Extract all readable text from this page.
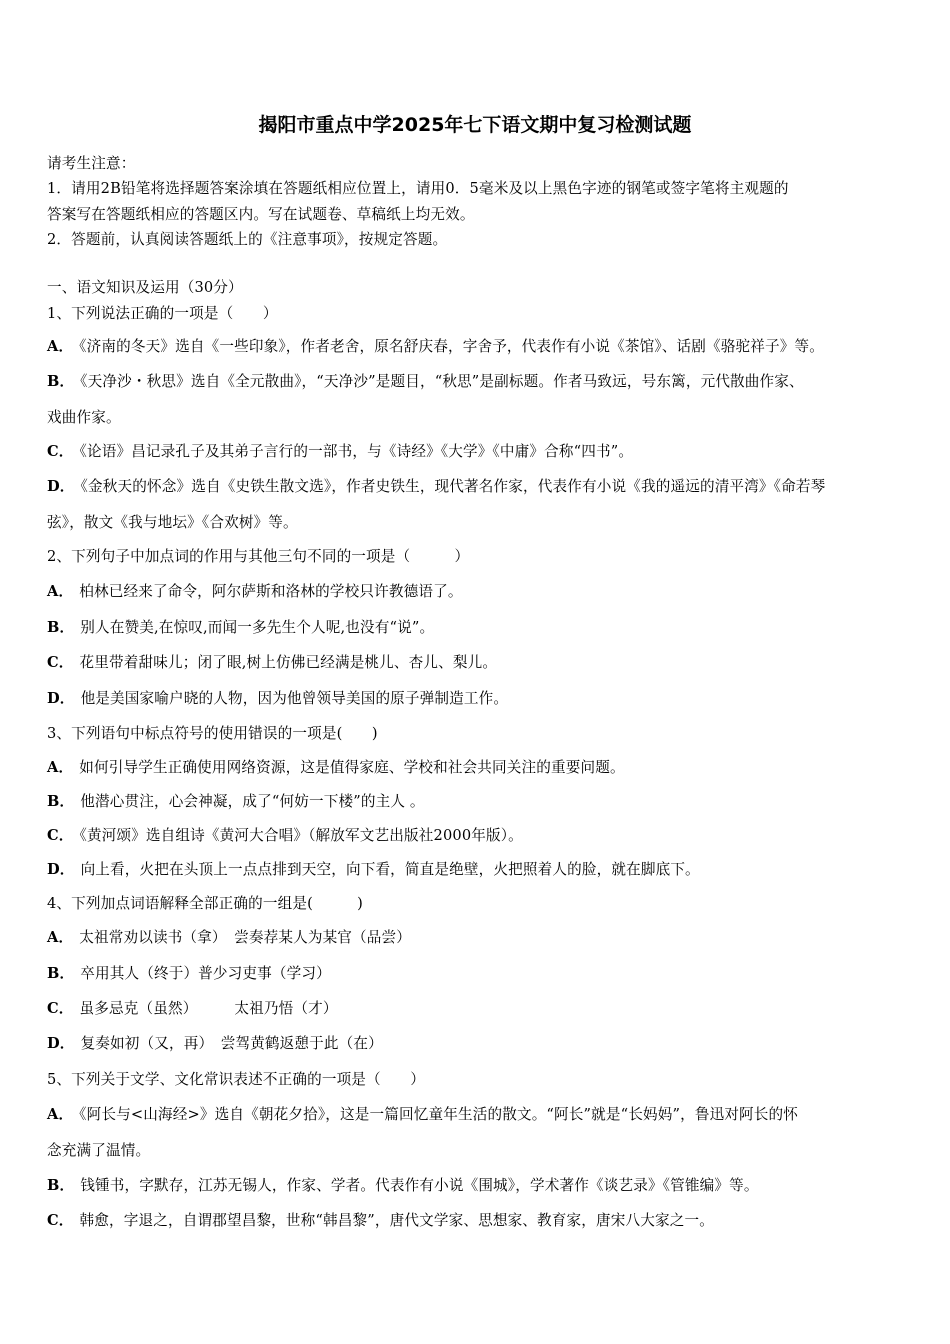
揭阳市重点中学2025年七下语文期中复习检测试题
请考生注意：
1．请用2B铅笔将选择题答案涂填在答题纸相应位置上，请用0．5毫米及以上黑色字迹的钢笔或签字笔将主观题的
答案写在答题纸相应的答题区内。写在试题卷、草稿纸上均无效。
2．答题前，认真阅读答题纸上的《注意事项》，按规定答题。
一、语文知识及运用（30分）
1、下列说法正确的一项是（　　）
A． 《济南的冬天》选自《一些印象》，作者老舍，原名舒庆春，字舍予，代表作有小说《茶馆》、话剧《骆驼祥子》等。
B． 《天净沙・秋思》选自《全元散曲》，“天净沙”是题目，“秋思”是副标题。作者马致远，号东篱，元代散曲作家、
戏曲作家。
C． 《论语》昌记录孔子及其弟子言行的一部书，与《诗经》《大学》《中庸》合称“四书”。
D． 《金秋天的怀念》选自《史铁生散文选》，作者史铁生，现代著名作家，代表作有小说《我的遥远的清平湾》《命若琴
弦》，散文《我与地坛》《合欢树》等。
2、下列句子中加点词的作用与其他三句不同的一项是（　　　）
A． 柏林已经来了命令，阿尔萨斯和洛林的学校只许教德语了。
B． 别人在赞美,在惊叹,而闻一多先生个人呢,也没有“说”。
C． 花里带着甜味儿；闭了眼,树上仿佛已经满是桃儿、杏儿、梨儿。
D． 他是美国家喻户晓的人物，因为他曾领导美国的原子弹制造工作。
3、下列语句中标点符号的使用错误的一项是(　　)
A． 如何引导学生正确使用网络资源，这是值得家庭、学校和社会共同关注的重要问题。
B． 他潜心贯注，心会神凝，成了“何妨一下楼”的主人 。
C． 《黄河颂》选自组诗《黄河大合唱》（解放军文艺出版社2000年版）。
D． 向上看，火把在头顶上一点点排到天空，向下看，简直是绝壁，火把照着人的脸，就在脚底下。
4、下列加点词语解释全部正确的一组是(　　　)
A． 太祖常劝以读书（拿）　尝奏荐某人为某官（品尝）
B． 卒用其人（终于）普少习吏事（学习）
C． 虽多忌克（虽然）　　　太祖乃悟（才）
D． 复奏如初（又，再）　尝驾黄鹤返憩于此（在）
5、下列关于文学、文化常识表述不正确的一项是（　　）
A． 《阿长与<山海经>》选自《朝花夕拾》，这是一篇回忆童年生活的散文。“阿长”就是“长妈妈”，鲁迅对阿长的怀
念充满了温情。
B． 钱锺书，字默存，江苏无锡人，作家、学者。代表作有小说《围城》，学术著作《谈艺录》《管锥编》等。
C． 韩愈，字退之，自谓郡望昌黎，世称“韩昌黎”，唐代文学家、思想家、教育家，唐宋八大家之一。
